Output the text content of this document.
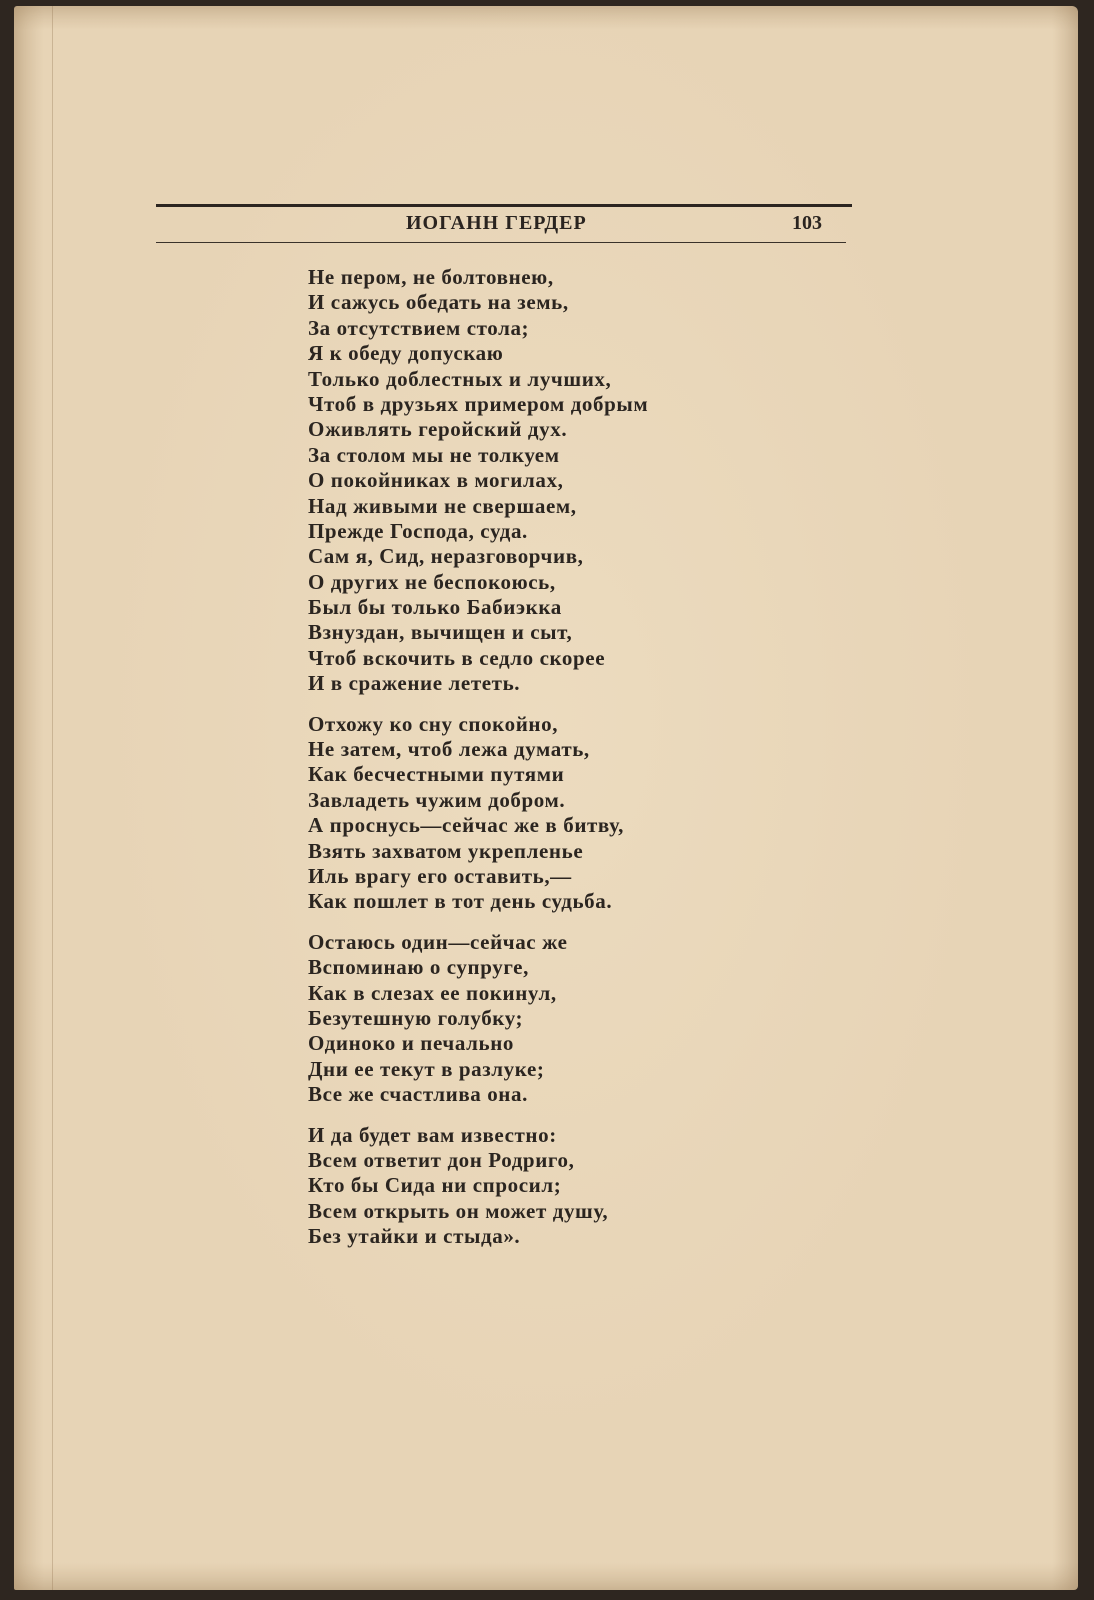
ИОГАНН ГЕРДЕР	103
Не пером, не болтовнею,
И сажусь обедать на земь,
За отсутствием стола;
Я к обеду допускаю
Только доблестных и лучших,
Чтоб в друзьях примером добрым
Оживлять геройский дух.
За столом мы не толкуем
О покойниках в могилах,
Над живыми не свершаем,
Прежде Господа, суда.
Сам я, Сид, неразговорчив,
О других не беспокоюсь,
Был бы только Бабиэкка
Взнуздан, вычищен и сыт,
Чтоб вскочить в седло скорее
И в сражение лететь.
Отхожу ко сну спокойно,
Не затем, чтоб лежа думать,
Как бесчестными путями
Завладеть чужим добром.
А проснусь—сейчас же в битву,
Взять захватом укрепленье
Иль врагу его оставить,—
Как пошлет в тот день судьба.
Остаюсь один—сейчас же
Вспоминаю о супруге,
Как в слезах ее покинул,
Безутешную голубку;
Одиноко и печально
Дни ее текут в разлуке;
Все же счастлива она.
И да будет вам известно:
Всем ответит дон Родриго,
Кто бы Сида ни спросил;
Всем открыть он может душу,
Без утайки и стыда».
